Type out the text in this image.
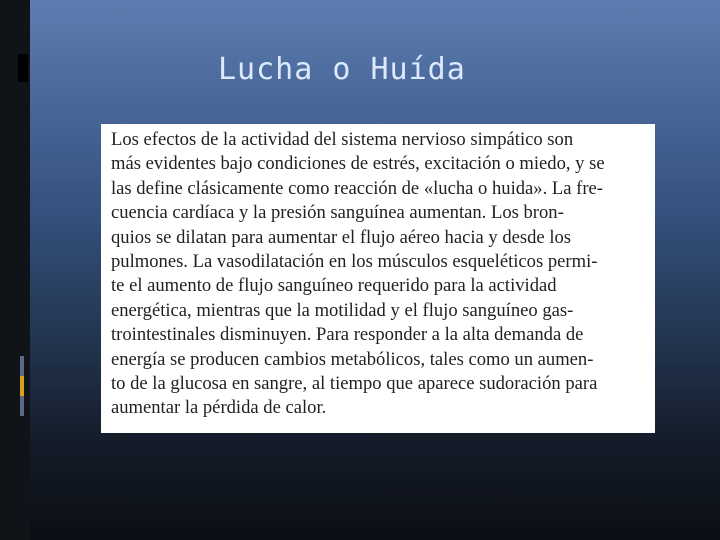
Lucha o Huída

Los efectos de la actividad del sistema nervioso simpático son
más evidentes bajo condiciones de estrés, excitación o miedo, y se
las define clásicamente como reacción de «lucha o huida». La fre-
cuencia cardíaca y la presión sanguínea aumentan. Los bron-
quios se dilatan para aumentar el flujo aéreo hacia y desde los
pulmones. La vasodilatación en los músculos esqueléticos permi-
te el aumento de flujo sanguíneo requerido para la actividad
energética, mientras que la motilidad y el flujo sanguíneo gas-
trointestinales disminuyen. Para responder a la alta demanda de
energía se producen cambios metabólicos, tales como un aumen-
to de la glucosa en sangre, al tiempo que aparece sudoración para
aumentar la pérdida de calor.
